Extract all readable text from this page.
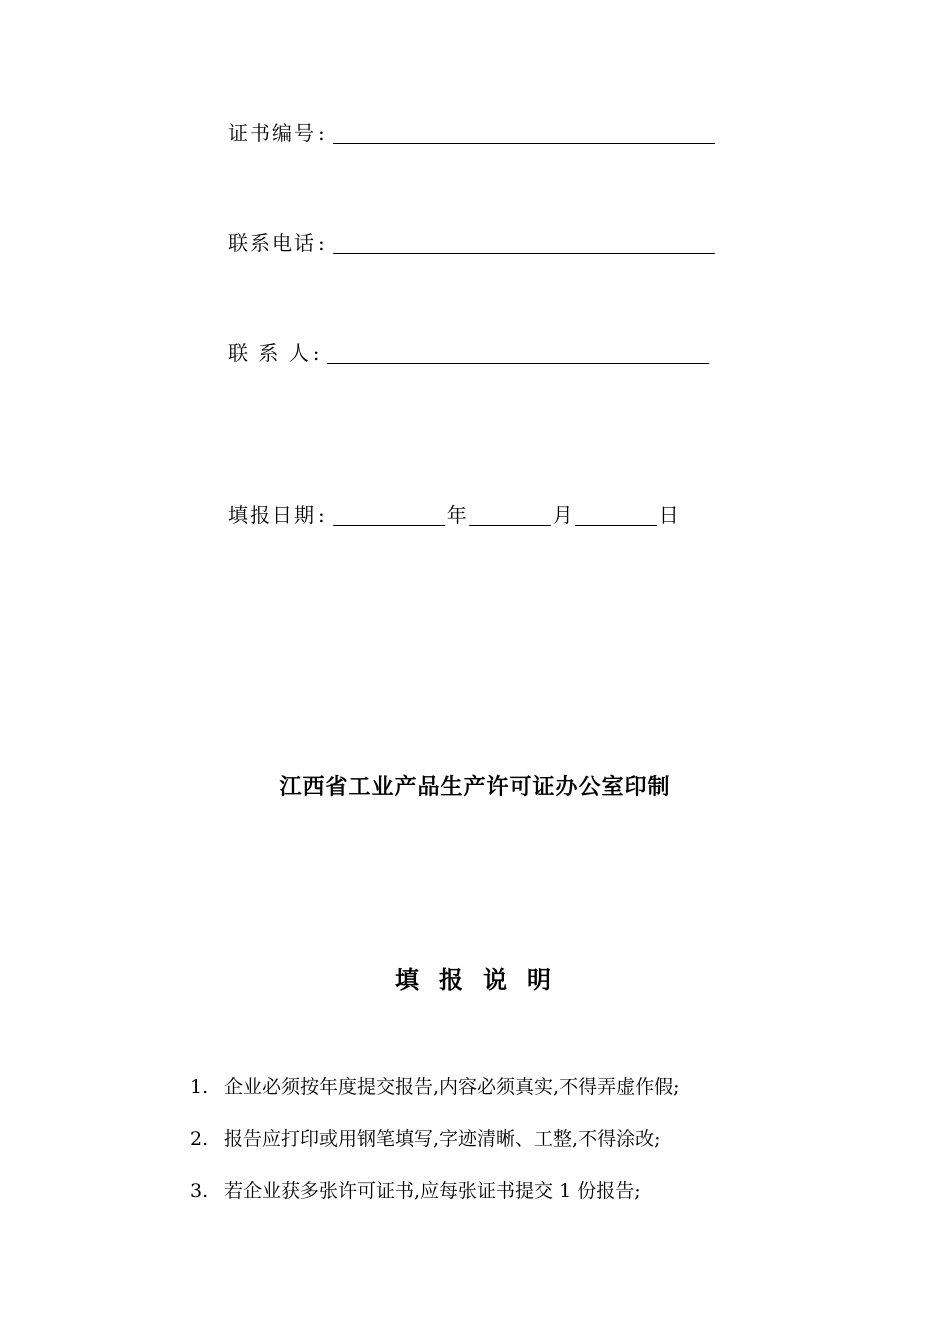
证书编号 :
联系电话 :
联 系 人 :
填报日期 :	年	月	日
江西省工业产品生产许可证办公室印制
填 报 说 明
1. 企业必须按年度提交报告,内容必须真实,不得弄虚作假;
2. 报告应打印或用钢笔填写,字迹清晰、工整,不得涂改;
3. 若企业获多张许可证书,应每张证书提交 1 份报告;
